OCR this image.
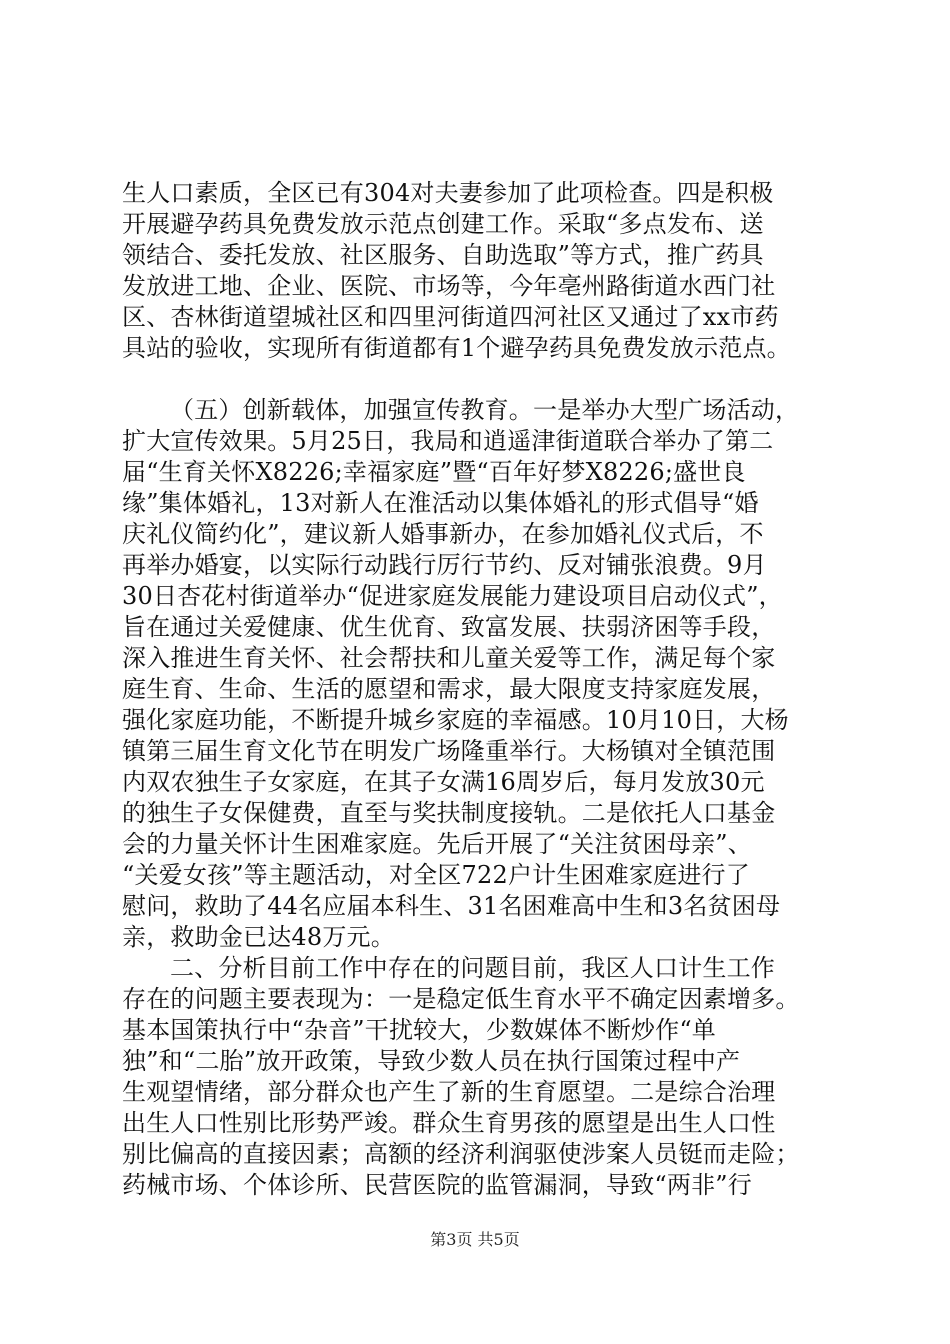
生人口素质，全区已有304对夫妻参加了此项检查。四是积极
开展避孕药具免费发放示范点创建工作。采取“多点发布、送
领结合、委托发放、社区服务、自助选取”等方式，推广药具
发放进工地、企业、医院、市场等，今年亳州路街道水西门社
区、杏林街道望城社区和四里河街道四河社区又通过了xx市药
具站的验收，实现所有街道都有1个避孕药具免费发放示范点。
（五）创新载体，加强宣传教育。一是举办大型广场活动，
扩大宣传效果。5月25日，我局和逍遥津街道联合举办了第二
届“生育关怀X8226;幸福家庭”暨“百年好梦X8226;盛世良
缘”集体婚礼，13对新人在淮活动以集体婚礼的形式倡导“婚
庆礼仪简约化”，建议新人婚事新办，在参加婚礼仪式后，不
再举办婚宴，以实际行动践行厉行节约、反对铺张浪费。9月
30日杏花村街道举办“促进家庭发展能力建设项目启动仪式”，
旨在通过关爱健康、优生优育、致富发展、扶弱济困等手段，
深入推进生育关怀、社会帮扶和儿童关爱等工作，满足每个家
庭生育、生命、生活的愿望和需求，最大限度支持家庭发展，
强化家庭功能，不断提升城乡家庭的幸福感。10月10日，大杨
镇第三届生育文化节在明发广场隆重举行。大杨镇对全镇范围
内双农独生子女家庭，在其子女满16周岁后，每月发放30元
的独生子女保健费，直至与奖扶制度接轨。二是依托人口基金
会的力量关怀计生困难家庭。先后开展了“关注贫困母亲”、
“关爱女孩”等主题活动，对全区722户计生困难家庭进行了
慰问，救助了44名应届本科生、31名困难高中生和3名贫困母
亲，救助金已达48万元。
二、分析目前工作中存在的问题目前，我区人口计生工作
存在的问题主要表现为：一是稳定低生育水平不确定因素增多。
基本国策执行中“杂音”干扰较大，少数媒体不断炒作“单
独”和“二胎”放开政策，导致少数人员在执行国策过程中产
生观望情绪，部分群众也产生了新的生育愿望。二是综合治理
出生人口性别比形势严竣。群众生育男孩的愿望是出生人口性
别比偏高的直接因素；高额的经济利润驱使涉案人员铤而走险；
药械市场、个体诊所、民营医院的监管漏洞，导致“两非”行
第3页 共5页
